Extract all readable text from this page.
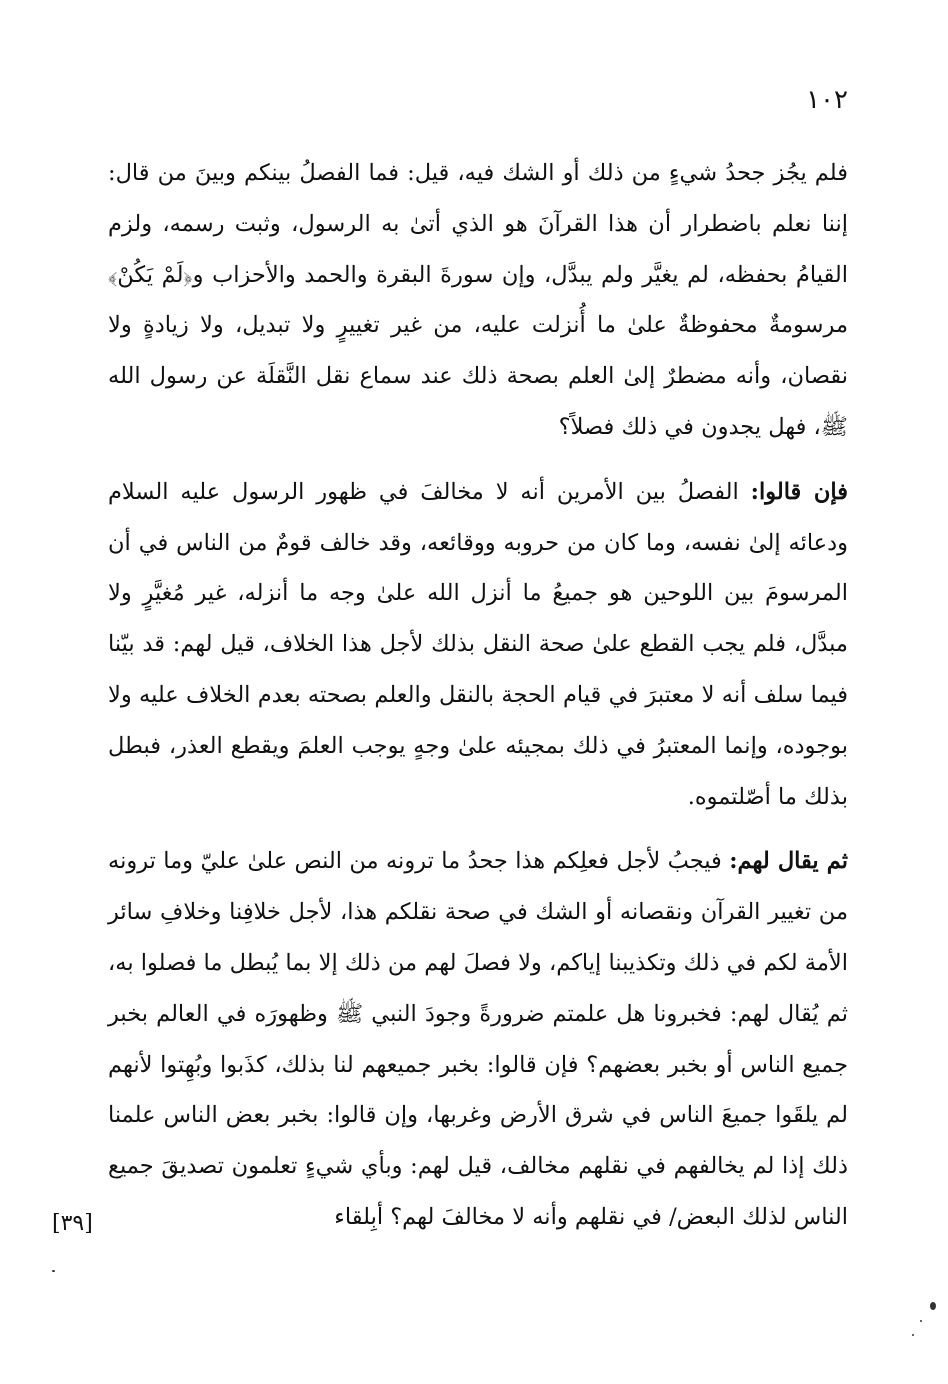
١٠٢

فلم يجُز جحدُ شيءٍ من ذلك أو الشك فيه، قيل: فما الفصلُ بينكم وبينَ من قال: إننا نعلم باضطرار أن هذا القرآنَ هو الذي أتىٰ به الرسول، وثبت رسمه، ولزم القيامُ بحفظه، لم يغيَّر ولم يبدَّل، وإن سورةَ البقرة والحمد والأحزاب و﴿لَمْ يَكُنْ﴾ مرسومةٌ محفوظةٌ علىٰ ما أُنزلت عليه، من غير تغييرٍ ولا تبديل، ولا زيادةٍ ولا نقصان، وأنه مضطرٌ إلىٰ العلم بصحة ذلك عند سماع نقل النَّقلَة عن رسول الله ﷺ، فهل يجدون في ذلك فصلاً؟

فإن قالوا: الفصلُ بين الأمرين أنه لا مخالفَ في ظهور الرسول عليه السلام ودعائه إلىٰ نفسه، وما كان من حروبه ووقائعه، وقد خالف قومٌ من الناس في أن المرسومَ بين اللوحين هو جميعُ ما أنزل الله علىٰ وجه ما أنزله، غير مُغيَّرٍ ولا مبدَّل، فلم يجب القطع علىٰ صحة النقل بذلك لأجل هذا الخلاف، قيل لهم: قد بيّنا فيما سلف أنه لا معتبرَ في قيام الحجة بالنقل والعلم بصحته بعدم الخلاف عليه ولا بوجوده، وإنما المعتبرُ في ذلك بمجيئه علىٰ وجهٍ يوجب العلمَ ويقطع العذر، فبطل بذلك ما أصّلتموه.

ثم يقال لهم: فيجبُ لأجل فعلِكم هذا جحدُ ما ترونه من النص علىٰ عليّ وما ترونه من تغيير القرآن ونقصانه أو الشك في صحة نقلكم هذا، لأجل خلافِنا وخلافِ سائر الأمة لكم في ذلك وتكذيبنا إياكم، ولا فصلَ لهم من ذلك إلا بما يُبطل ما فصلوا به، ثم يُقال لهم: فخبرونا هل علمتم ضرورةً وجودَ النبي ﷺ وظهورَه في العالم بخبر جميع الناس أو بخبر بعضهم؟ فإن قالوا: بخبر جميعهم لنا بذلك، كذَبوا وبُهِتوا لأنهم لم يلقَوا جميعَ الناس في شرق الأرض وغربها، وإن قالوا: بخبر بعض الناس علمنا ذلك إذا لم يخالفهم في نقلهم مخالف، قيل لهم: وبأي شيءٍ تعلمون تصديقَ جميع الناس لذلك البعض/ في نقلهم وأنه لا مخالفَ لهم؟ أبِلقاء

[٣٩]
